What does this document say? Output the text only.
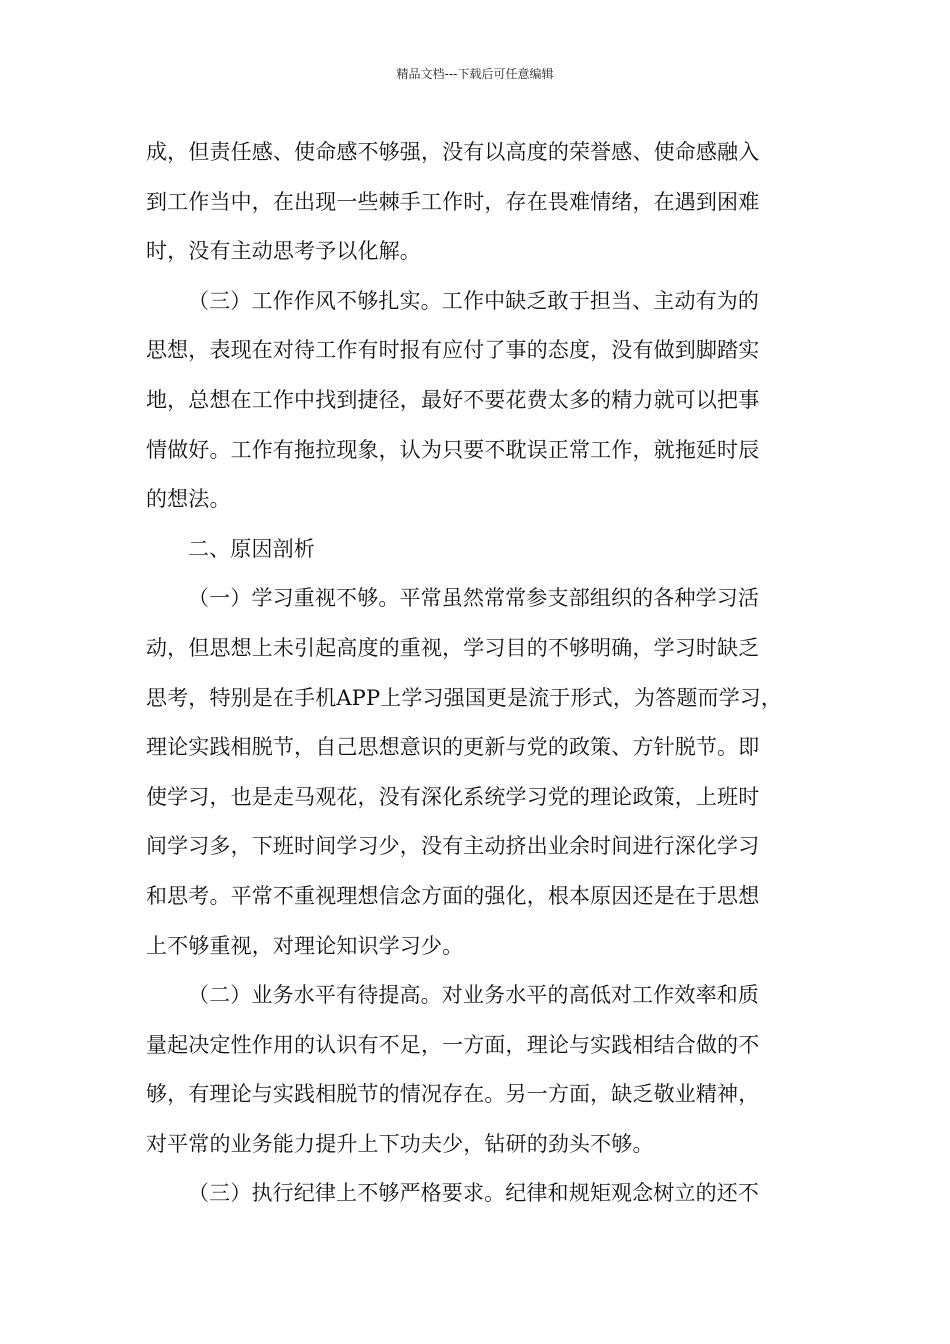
精品文档---下载后可任意编辑
成，但责任感、使命感不够强，没有以高度的荣誉感、使命感融入
到工作当中，在出现一些棘手工作时，存在畏难情绪，在遇到困难
时，没有主动思考予以化解。
（三）工作作风不够扎实。工作中缺乏敢于担当、主动有为的
思想，表现在对待工作有时报有应付了事的态度，没有做到脚踏实
地，总想在工作中找到捷径，最好不要花费太多的精力就可以把事
情做好。工作有拖拉现象，认为只要不耽误正常工作，就拖延时辰
的想法。
二、原因剖析
（一）学习重视不够。平常虽然常常参支部组织的各种学习活
动，但思想上未引起高度的重视，学习目的不够明确，学习时缺乏
思考，特别是在手机APP上学习强国更是流于形式，为答题而学习，
理论实践相脱节，自己思想意识的更新与党的政策、方针脱节。即
使学习，也是走马观花，没有深化系统学习党的理论政策，上班时
间学习多，下班时间学习少，没有主动挤出业余时间进行深化学习
和思考。平常不重视理想信念方面的强化，根本原因还是在于思想
上不够重视，对理论知识学习少。
（二）业务水平有待提高。对业务水平的高低对工作效率和质
量起决定性作用的认识有不足，一方面，理论与实践相结合做的不
够，有理论与实践相脱节的情况存在。另一方面，缺乏敬业精神，
对平常的业务能力提升上下功夫少，钻研的劲头不够。
（三）执行纪律上不够严格要求。纪律和规矩观念树立的还不
